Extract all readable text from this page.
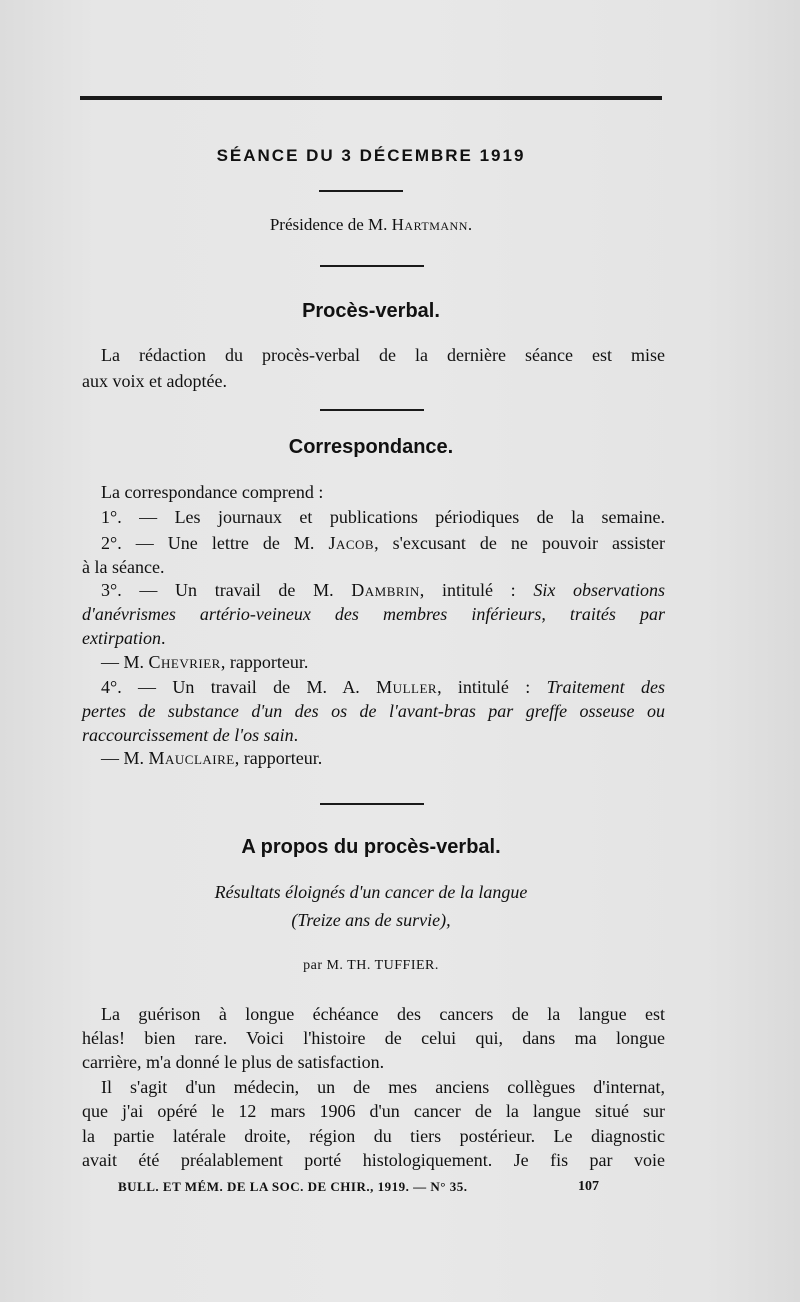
SÉANCE DU 3 DÉCEMBRE 1919
Présidence de M. Hartmann.
Procès-verbal.
La rédaction du procès-verbal de la dernière séance est mise
aux voix et adoptée.
Correspondance.
La correspondance comprend :
1°. — Les journaux et publications périodiques de la semaine.
2°. — Une lettre de M. Jacob, s'excusant de ne pouvoir assister
à la séance.
3°. — Un travail de M. Dambrin, intitulé : Six observations
d'anévrismes artério-veineux des membres inférieurs, traités par
extirpation.
— M. Chevrier, rapporteur.
4°. — Un travail de M. A. Muller, intitulé : Traitement des
pertes de substance d'un des os de l'avant-bras par greffe osseuse ou
raccourcissement de l'os sain.
— M. Mauclaire, rapporteur.
A propos du procès-verbal.
Résultats éloignés d'un cancer de la langue
(Treize ans de survie),
par M. TH. TUFFIER.
La guérison à longue échéance des cancers de la langue est
hélas! bien rare. Voici l'histoire de celui qui, dans ma longue
carrière, m'a donné le plus de satisfaction.
Il s'agit d'un médecin, un de mes anciens collègues d'internat,
que j'ai opéré le 12 mars 1906 d'un cancer de la langue situé sur
la partie latérale droite, région du tiers postérieur. Le diagnostic
avait été préalablement porté histologiquement. Je fis par voie
BULL. ET MÉM. DE LA SOC. DE CHIR., 1919. — N° 35.	107
